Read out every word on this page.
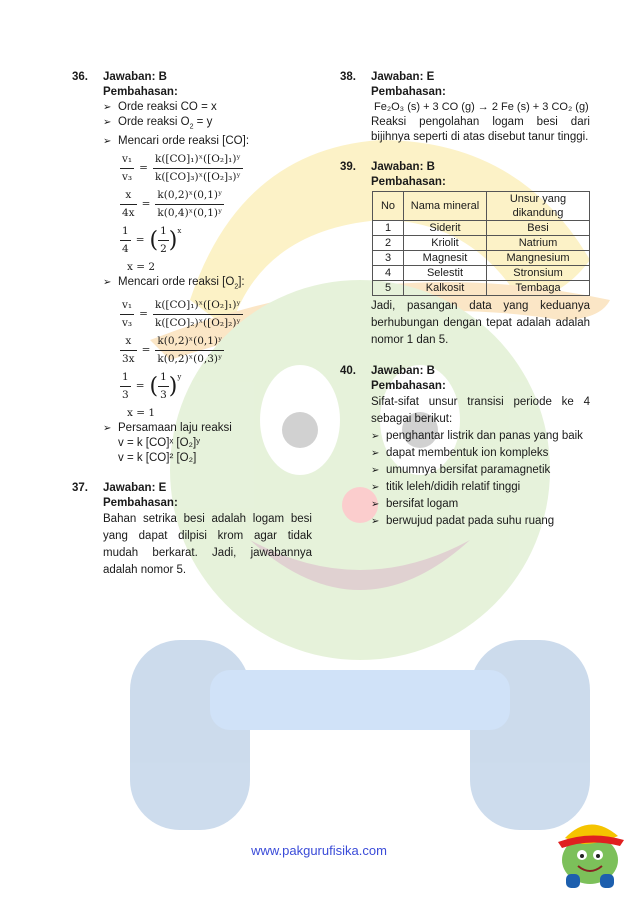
36. Jawaban: B
Pembahasan:
➢ Orde reaksi CO = x
➢ Orde reaksi $O_2 = y$
➢ Mencari orde reaksi [CO]:
$\frac{\text{v₁}}{\text{v₃}} = \frac{\text{k([CO]₁)ˣ([O₂]₁)ʸ}}{\text{k([CO]₃)ˣ([O₂]₃)ʸ}}$
$\frac{x}{4x} = \frac{\text{k(0,2)ˣ(0,1)ʸ}}{\text{k(0,4)ˣ(0,1)ʸ}}$
$\frac{1}{4}$ = ( $\frac{1}{2} )^x$
x = 2
➢ Mencari orde reaksi $[O_2]$:
$\frac{\text{v₁}}{\text{v₃}} = \frac{\text{k([CO]₁)ˣ([O₂]₁)ʸ}}{\text{k([CO]₂)ˣ([O₂]₂)ʸ}}$
$\frac{x}{3x} = \frac{\text{k(0,2)ˣ(0,1)ʸ}}{\text{k(0,2)ˣ(0,3)ʸ}}$
$\frac{1}{3}$ = ( $\frac{1}{3} )^y$
x = 1
➢ Persamaan laju reaksi
v = k [CO]ˣ [O₂]ʸ
v = k [CO]² [O₂]
37. Jawaban: E
Pembahasan:
Bahan setrika besi adalah logam besi yang dapat dilpisi krom agar tidak mudah berkarat. Jadi, jawabannya adalah nomor 5.
38. Jawaban: E
Pembahasan:
Fe₂O₃ (s) + 3 CO (g) → 2 Fe (s) + 3 CO₂ (g)
Reaksi pengolahan logam besi dari bijihnya seperti di atas disebut tanur tinggi.
39. Jawaban: B
Pembahasan:
No	Nama mineral	Unsur yang dikandung
1	Siderit	Besi
2	Kriolit	Natrium
3	Magnesit	Mangnesium
4	Selestit	Stronsium
5	Kalkosit	Tembaga
Jadi, pasangan data yang keduanya berhubungan dengan tepat adalah adalah nomor 1 dan 5.
40. Jawaban: B
Pembahasan:
Sifat-sifat unsur transisi periode ke 4 sebagai berikut:
➢ penghantar listrik dan panas yang baik
➢ dapat membentuk ion kompleks
➢ umumnya bersifat paramagnetik
➢ titik leleh/didih relatif tinggi
➢ bersifat logam
➢ berwujud padat pada suhu ruang
www.pakgurufisika.com
